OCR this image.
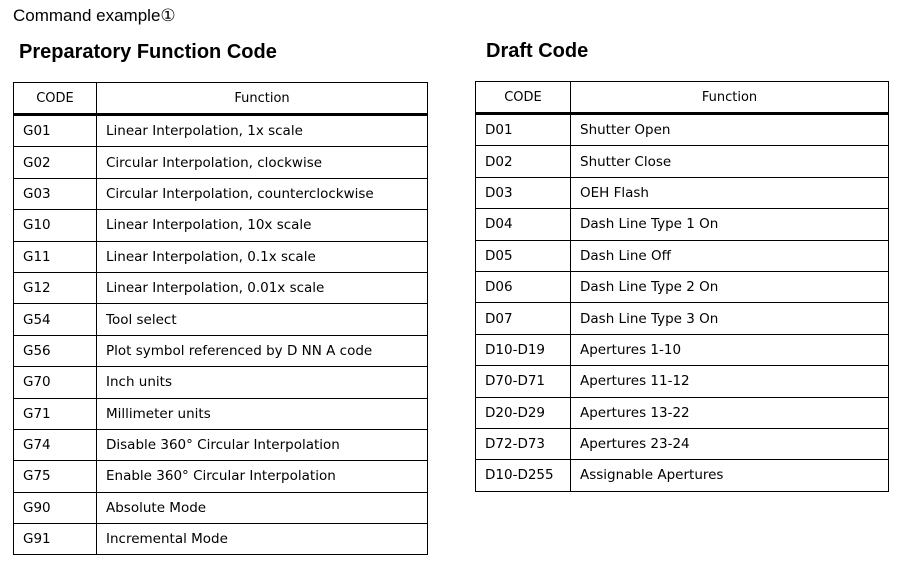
Command example①
Preparatory Function Code	Draft Code
CODE	Function
G01	Linear Interpolation, 1x scale
G02	Circular Interpolation, clockwise
G03	Circular Interpolation, counterclockwise
G10	Linear Interpolation, 10x scale
G11	Linear Interpolation, 0.1x scale
G12	Linear Interpolation, 0.01x scale
G54	Tool select
G56	Plot symbol referenced by D NN A code
G70	Inch units
G71	Millimeter units
G74	Disable 360° Circular Interpolation
G75	Enable 360° Circular Interpolation
G90	Absolute Mode
G91	Incremental Mode
CODE	Function
D01	Shutter Open
D02	Shutter Close
D03	OEH Flash
D04	Dash Line Type 1 On
D05	Dash Line Off
D06	Dash Line Type 2 On
D07	Dash Line Type 3 On
D10-D19	Apertures 1-10
D70-D71	Apertures 11-12
D20-D29	Apertures 13-22
D72-D73	Apertures 23-24
D10-D255	Assignable Apertures
